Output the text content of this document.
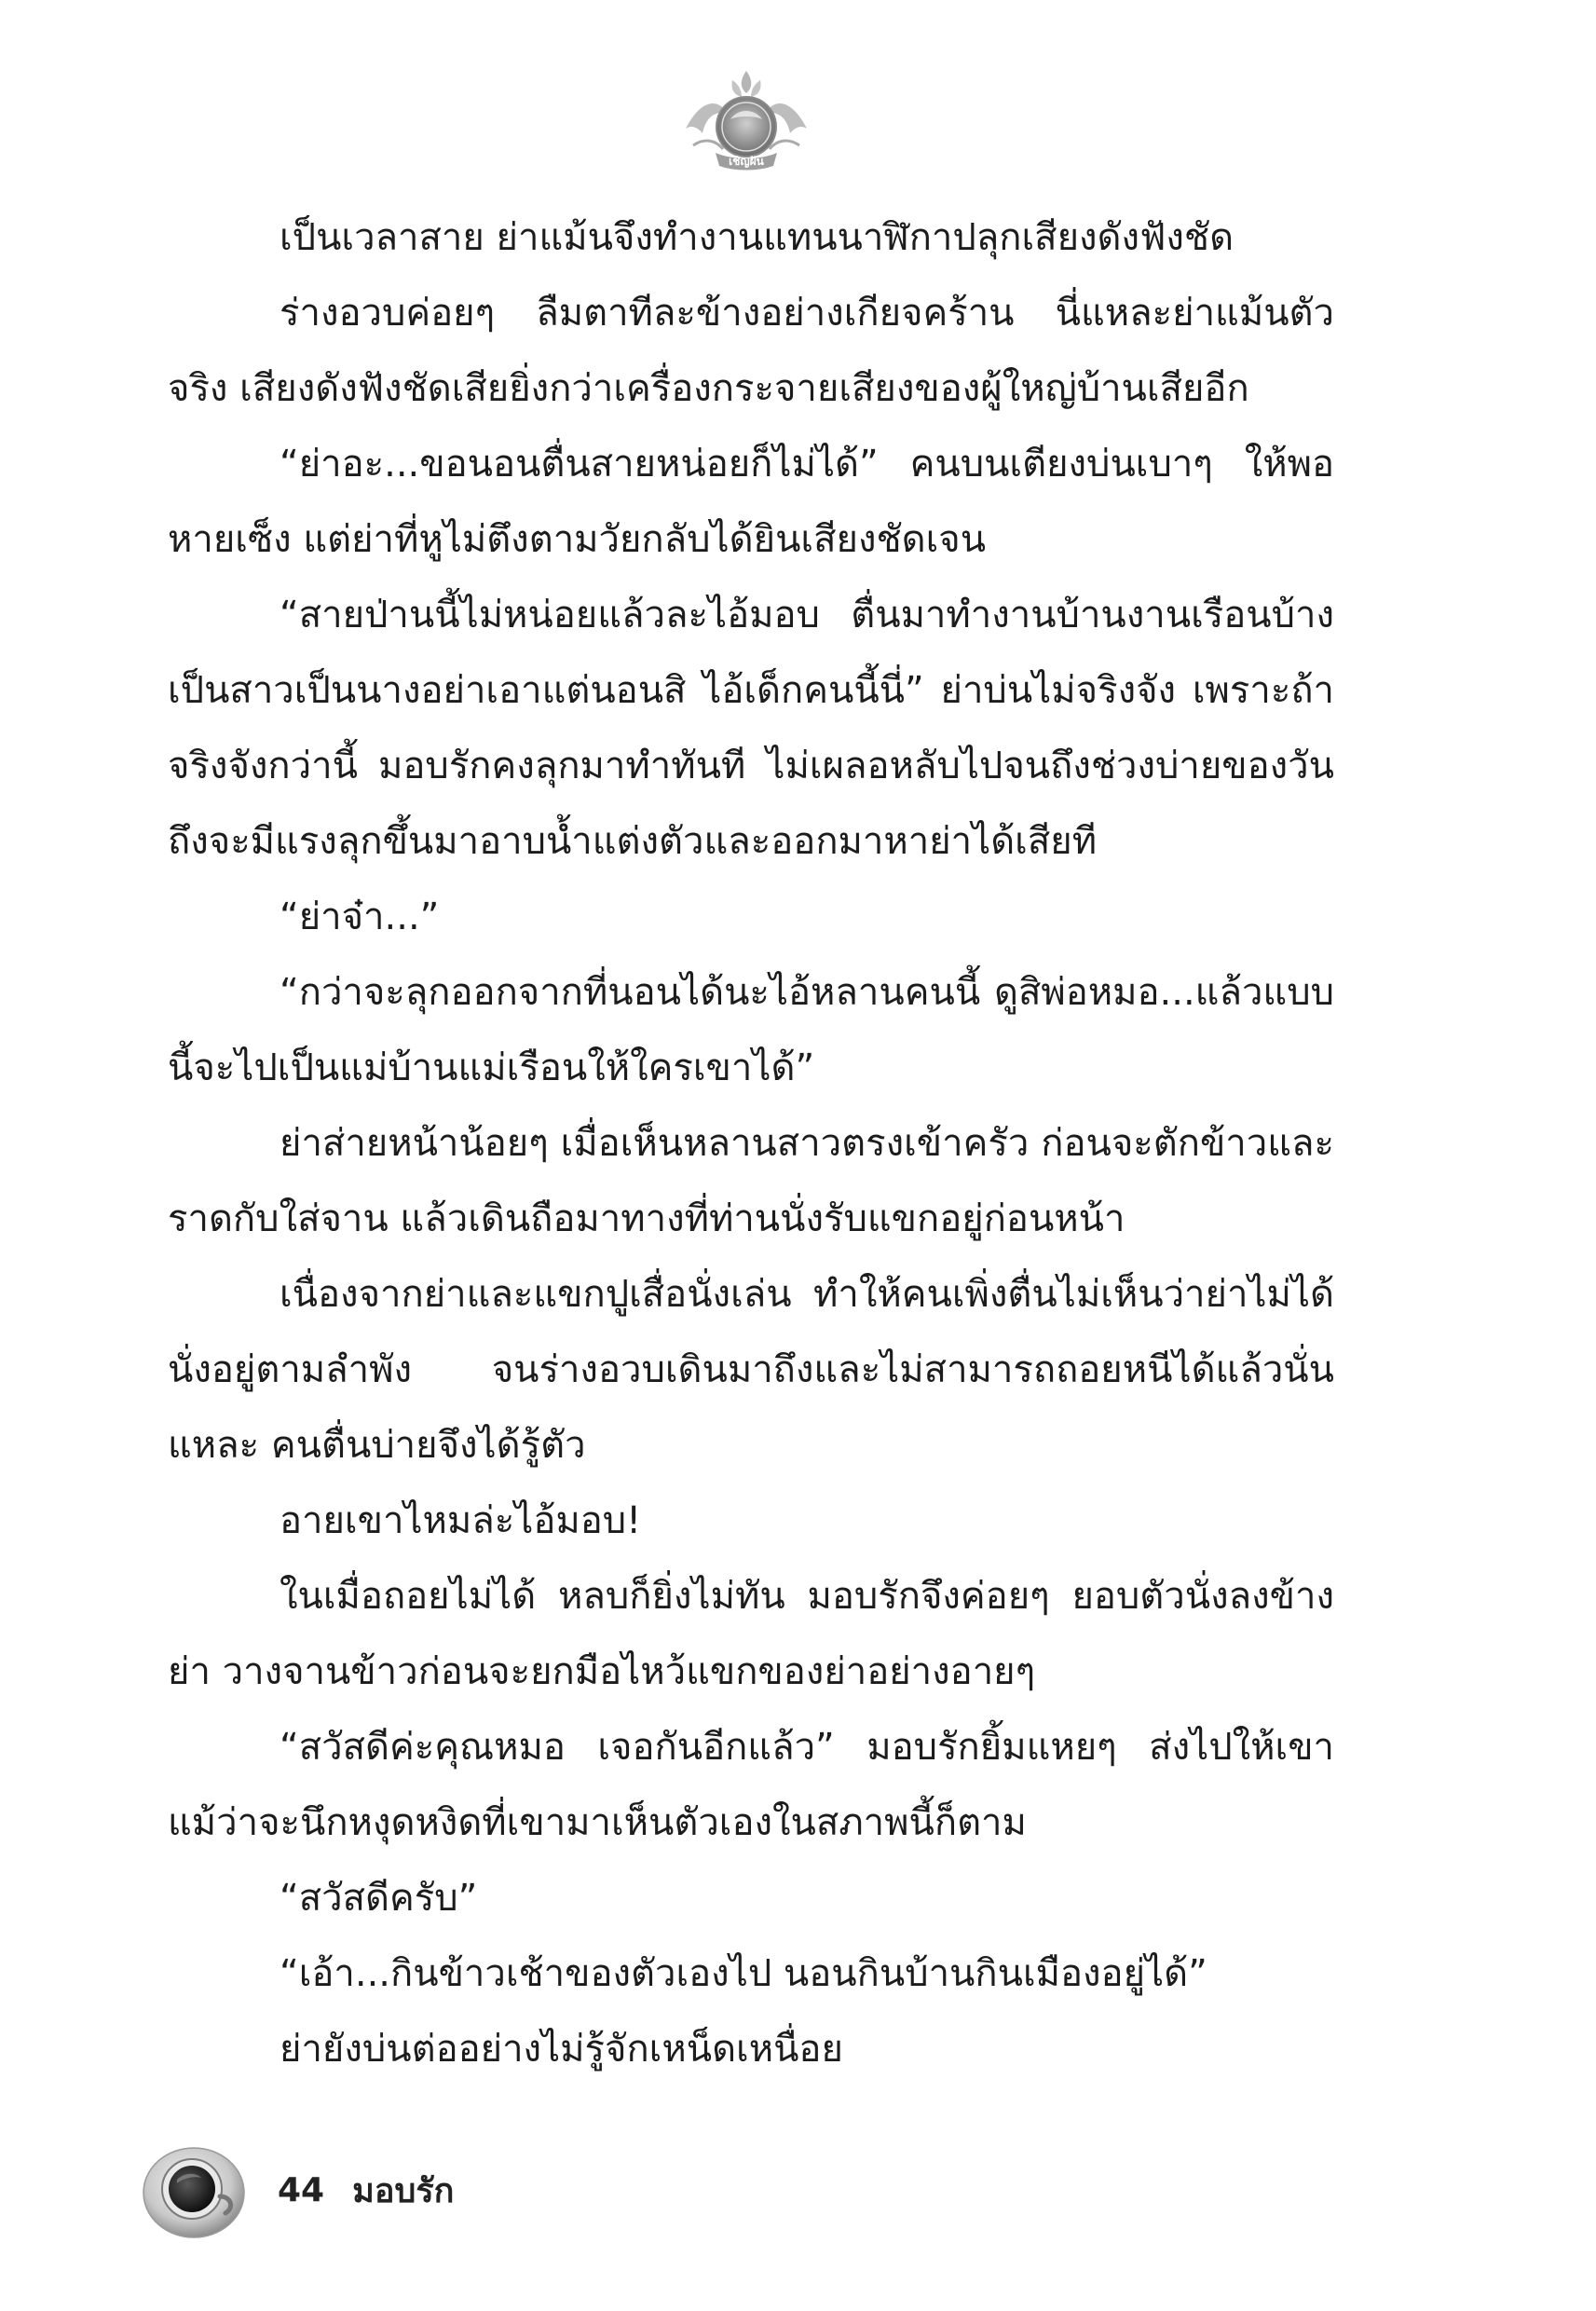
เชิญฝัน

เป็นเวลาสาย ย่าแม้นจึงทำงานแทนนาฬิกาปลุกเสียงดังฟังชัด

ร่างอวบค่อยๆ ลืมตาทีละข้างอย่างเกียจคร้าน นี่แหละย่าแม้นตัวจริง เสียงดังฟังชัดเสียยิ่งกว่าเครื่องกระจายเสียงของผู้ใหญ่บ้านเสียอีก

“ย่าอะ...ขอนอนตื่นสายหน่อยก็ไม่ได้” คนบนเตียงบ่นเบาๆ ให้พอหายเซ็ง แต่ย่าที่หูไม่ตึงตามวัยกลับได้ยินเสียงชัดเจน

“สายป่านนี้ไม่หน่อยแล้วละไอ้มอบ ตื่นมาทำงานบ้านงานเรือนบ้างเป็นสาวเป็นนางอย่าเอาแต่นอนสิ ไอ้เด็กคนนี้นี่” ย่าบ่นไม่จริงจัง เพราะถ้าจริงจังกว่านี้ มอบรักคงลุกมาทำทันที ไม่เผลอหลับไปจนถึงช่วงบ่ายของวัน ถึงจะมีแรงลุกขึ้นมาอาบน้ำแต่งตัวและออกมาหาย่าได้เสียที

“ย่าจ๋า...”

“กว่าจะลุกออกจากที่นอนได้นะไอ้หลานคนนี้ ดูสิพ่อหมอ...แล้วแบบนี้จะไปเป็นแม่บ้านแม่เรือนให้ใครเขาได้”

ย่าส่ายหน้าน้อยๆ เมื่อเห็นหลานสาวตรงเข้าครัว ก่อนจะตักข้าวและราดกับใส่จาน แล้วเดินถือมาทางที่ท่านนั่งรับแขกอยู่ก่อนหน้า

เนื่องจากย่าและแขกปูเสื่อนั่งเล่น ทำให้คนเพิ่งตื่นไม่เห็นว่าย่าไม่ได้นั่งอยู่ตามลำพัง จนร่างอวบเดินมาถึงและไม่สามารถถอยหนีได้แล้วนั่นแหละ คนตื่นบ่ายจึงได้รู้ตัว

อายเขาไหมล่ะไอ้มอบ!

ในเมื่อถอยไม่ได้ หลบก็ยิ่งไม่ทัน มอบรักจึงค่อยๆ ยอบตัวนั่งลงข้างย่า วางจานข้าวก่อนจะยกมือไหว้แขกของย่าอย่างอายๆ

“สวัสดีค่ะคุณหมอ เจอกันอีกแล้ว” มอบรักยิ้มแหยๆ ส่งไปให้เขาแม้ว่าจะนึกหงุดหงิดที่เขามาเห็นตัวเองในสภาพนี้ก็ตาม

“สวัสดีครับ”

“เอ้า...กินข้าวเช้าของตัวเองไป นอนกินบ้านกินเมืองอยู่ได้”

ย่ายังบ่นต่ออย่างไม่รู้จักเหน็ดเหนื่อย

44 มอบรัก
